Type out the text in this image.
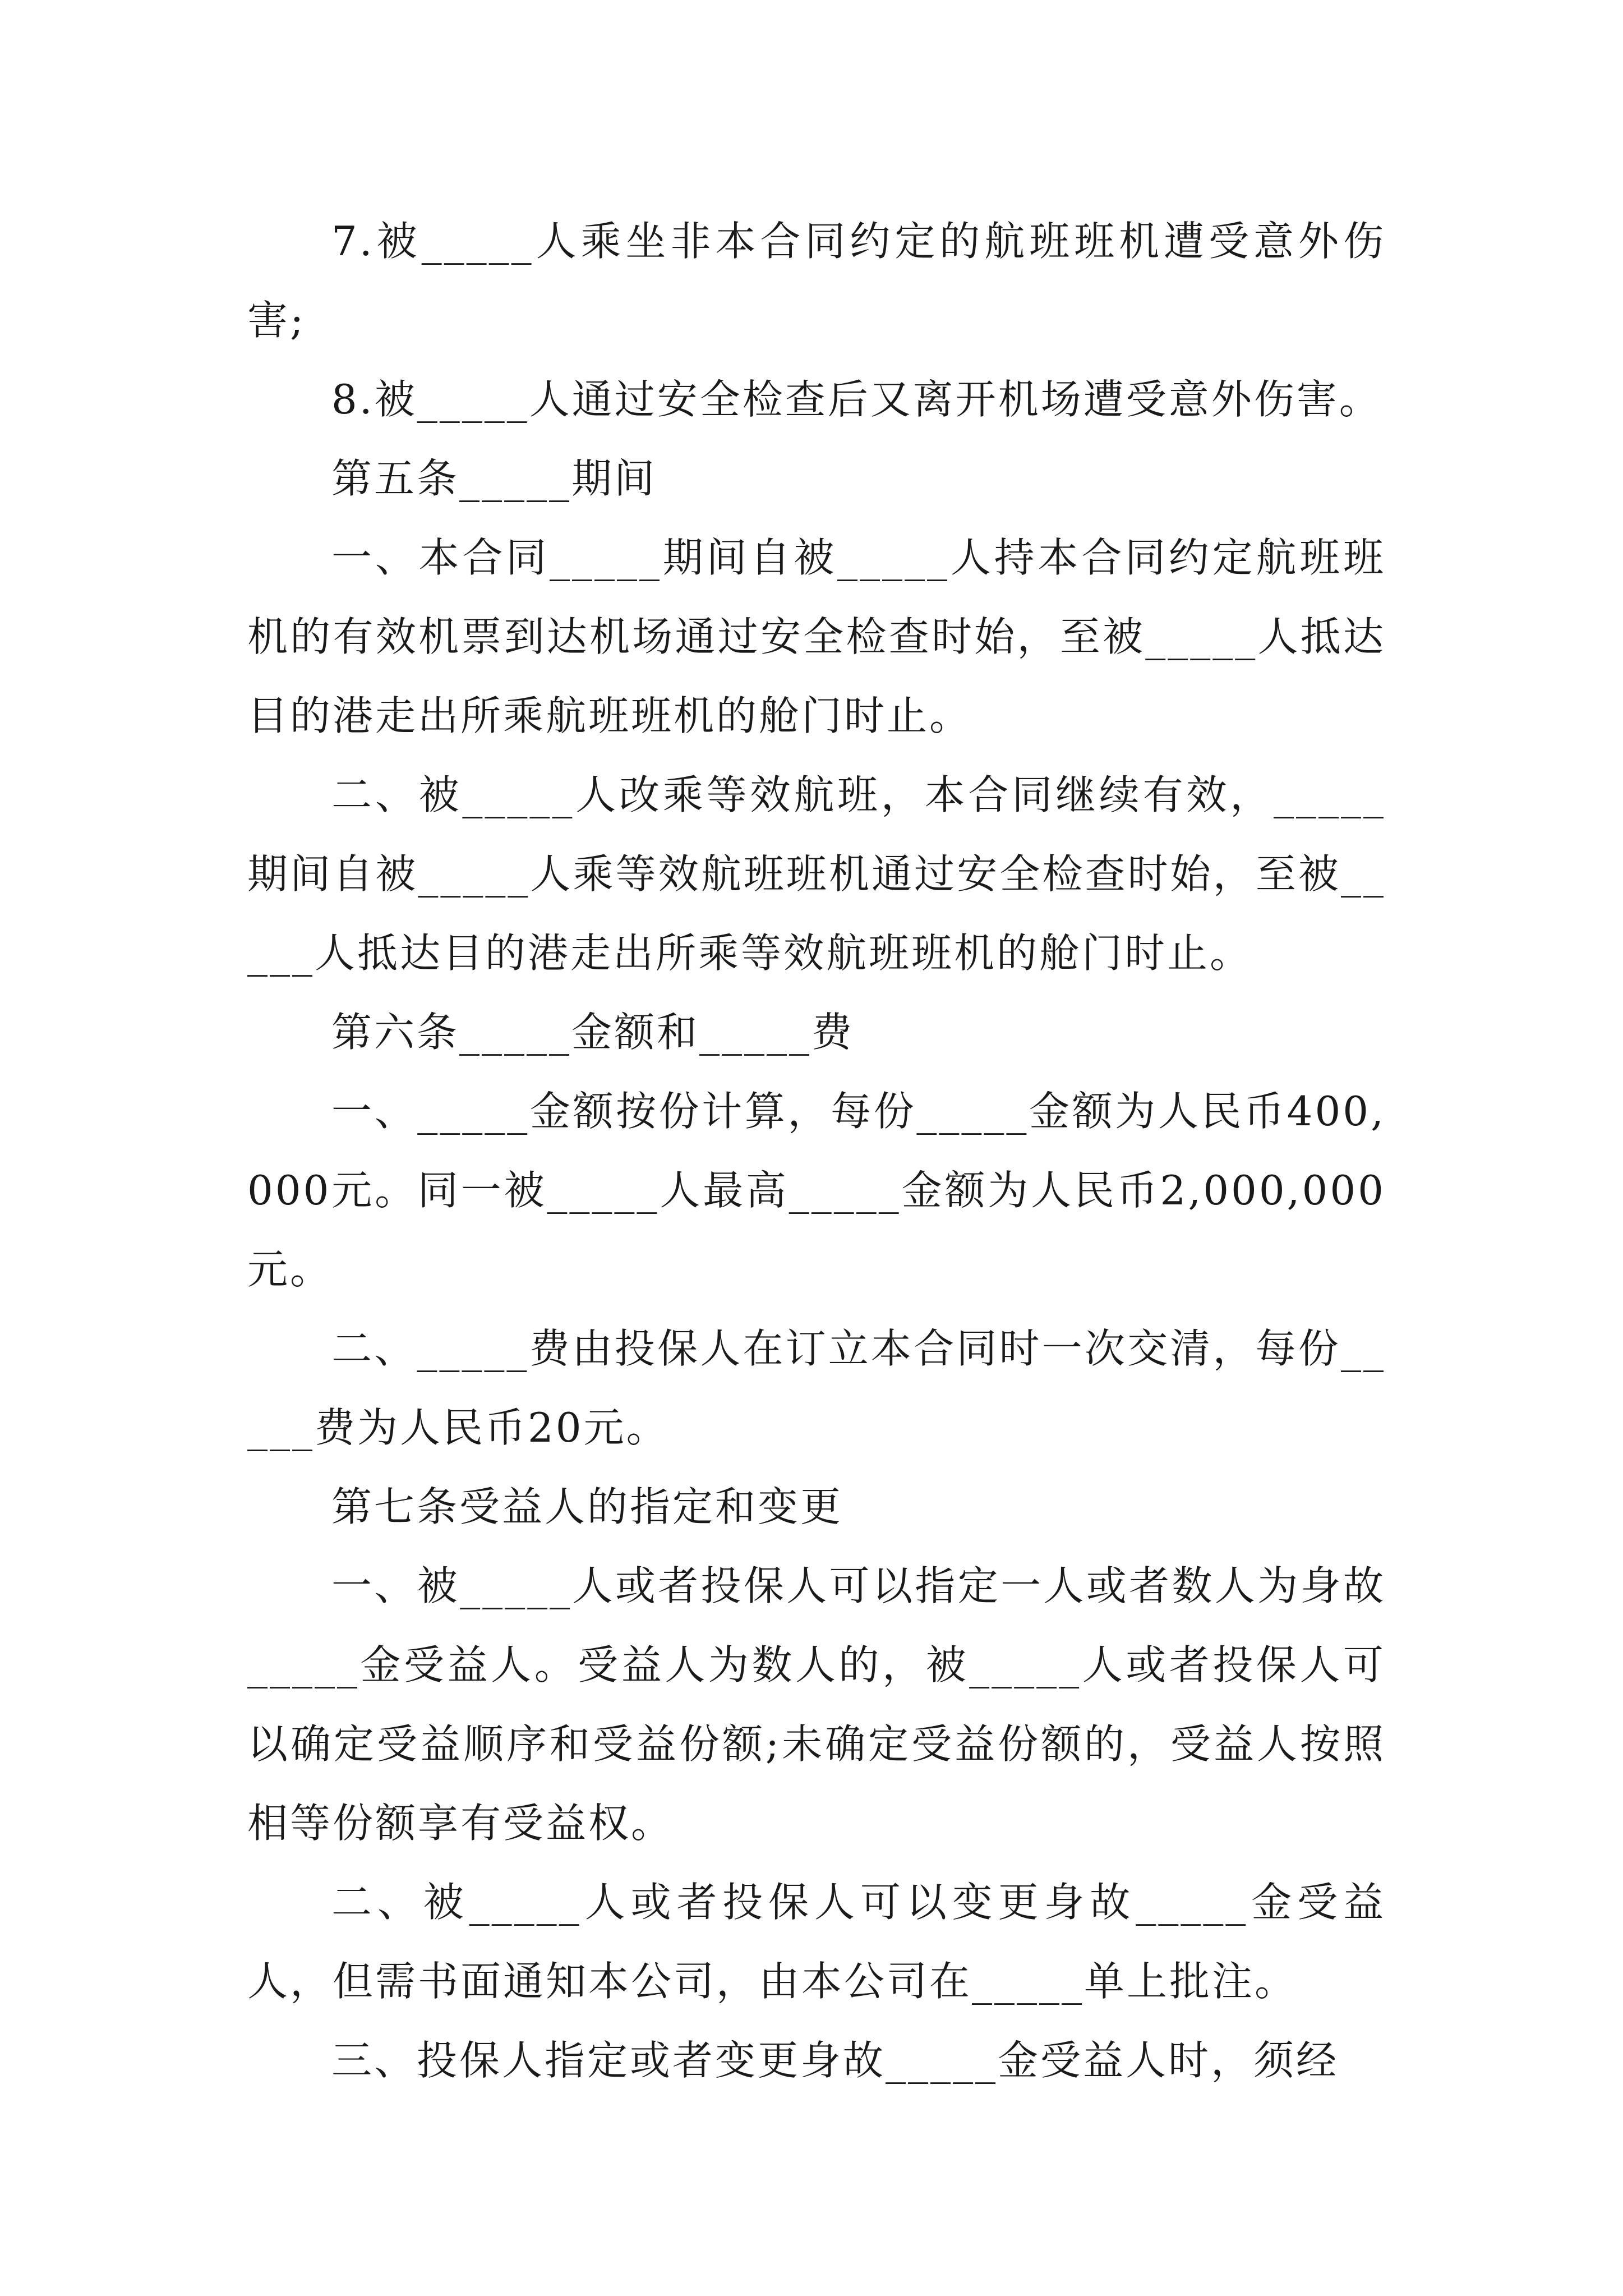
7.被_____人乘坐非本合同约定的航班班机遭受意外伤害;

8.被_____人通过安全检查后又离开机场遭受意外伤害。

第五条_____期间

一、本合同_____期间自被_____人持本合同约定航班班机的有效机票到达机场通过安全检查时始，至被_____人抵达目的港走出所乘航班班机的舱门时止。

二、被_____人改乘等效航班，本合同继续有效，_____期间自被_____人乘等效航班班机通过安全检查时始，至被_____人抵达目的港走出所乘等效航班班机的舱门时止。

第六条_____金额和_____费

一、_____金额按份计算，每份_____金额为人民币400,000元。同一被_____人最高_____金额为人民币2,000,000元。

二、_____费由投保人在订立本合同时一次交清，每份_____费为人民币20元。

第七条受益人的指定和变更

一、被_____人或者投保人可以指定一人或者数人为身故_____金受益人。受益人为数人的，被_____人或者投保人可以确定受益顺序和受益份额;未确定受益份额的，受益人按照相等份额享有受益权。

二、被_____人或者投保人可以变更身故_____金受益人，但需书面通知本公司，由本公司在_____单上批注。

三、投保人指定或者变更身故_____金受益人时，须经
